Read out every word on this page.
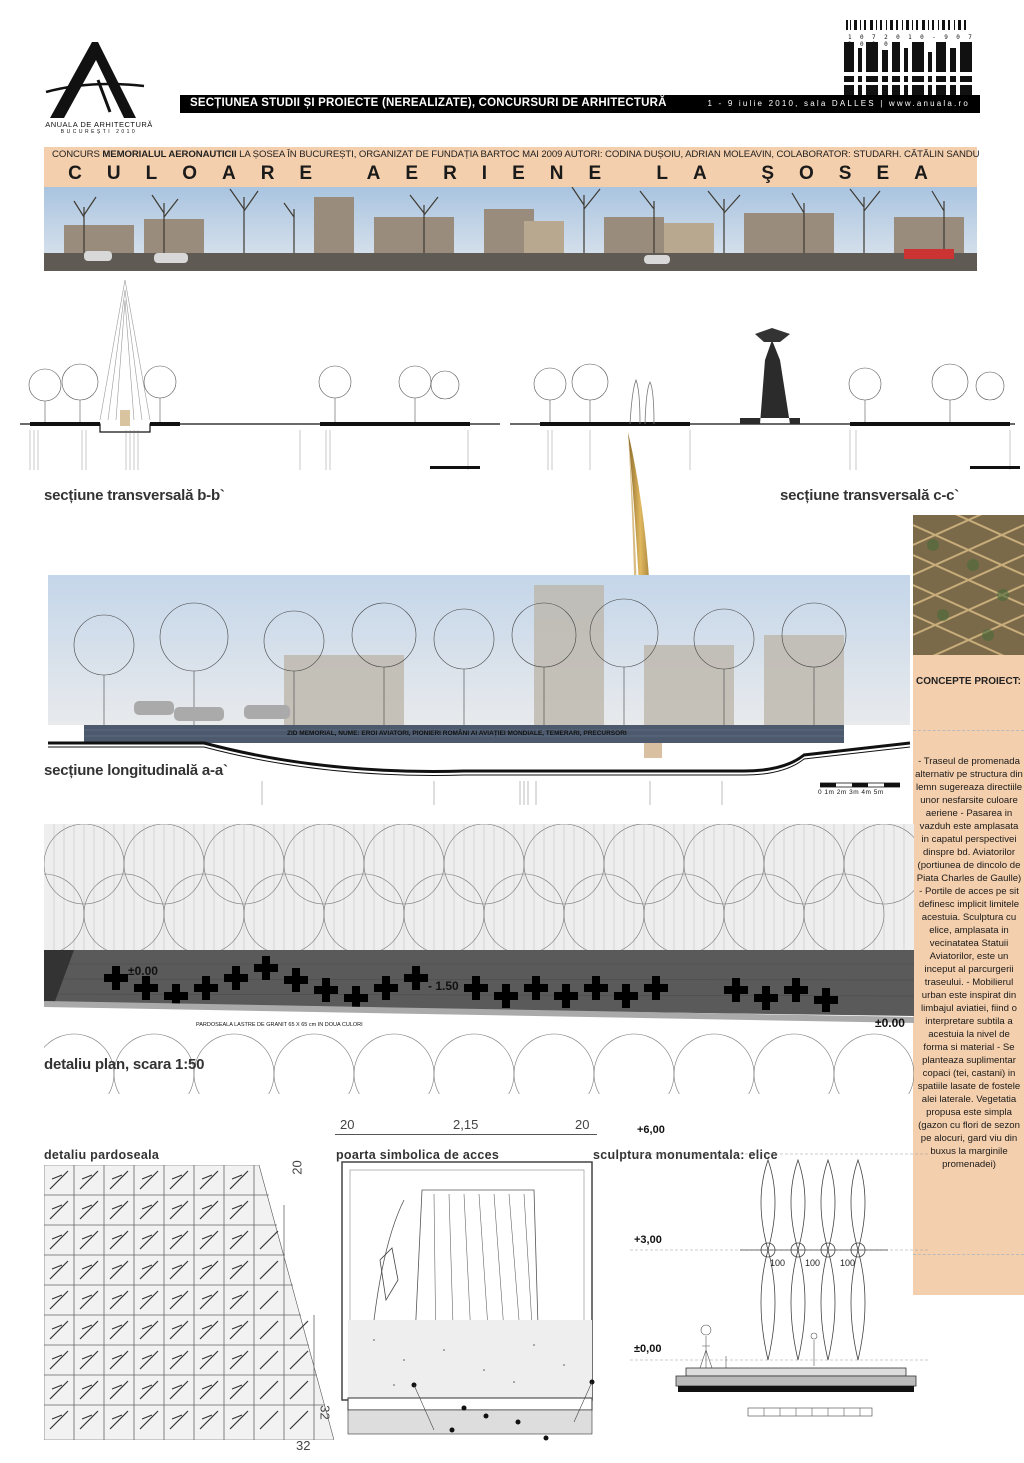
ANUALA DE ARHITECTURĂ
BUCUREȘTI 2010
1 0 7 2 0 1 0 - 9 0 7 2 0 1 0
SECȚIUNEA STUDII ȘI PROIECTE (NEREALIZATE), CONCURSURI DE ARHITECTURĂ	1 - 9 iulie 2010, sala DALLES | www.anuala.ro
CONCURS MEMORIALUL AERONAUTICII LA ȘOSEA ÎN BUCUREȘTI, ORGANIZAT DE FUNDAȚIA BARTOC MAI 2009 AUTORI: CODINA DUȘOIU, ADRIAN MOLEAVIN, COLABORATOR: STUDARH. CĂTĂLIN SANDU
CULOARE AERIENE LA ŞOSEA
secțiune transversală b-b`	secțiune transversală c-c`
CONCEPTE PROIECT:
- Traseul de promenada alternativ pe structura din lemn sugereaza directiile unor nesfarsite culoare aeriene - Pasarea in vazduh este amplasata in capatul perspectivei dinspre bd. Aviatorilor (portiunea de dincolo de Piata Charles de Gaulle) - Portile de acces pe sit definesc implicit limitele acestuia. Sculptura cu elice, amplasata in vecinatatea Statuii Aviatorilor, este un inceput al parcurgerii traseului. - Mobilierul urban este inspirat din limbajul aviatiei, fiind o interpretare subtila a acestuia la nivel de forma si material - Se planteaza suplimentar copaci (tei, castani) in spatiile lasate de fostele alei laterale. Vegetatia propusa este simpla (gazon cu flori de sezon pe alocuri, gard viu din buxus la marginile promenadei)
ZID MEMORIAL, NUME: EROI AVIATORI, PIONIERI ROMÂNI AI AVIAȚIEI MONDIALE, TEMERARI, PRECURSORI
secțiune longitudinală a-a`
0 1m 2m 3m 4m 5m
±0.00
- 1.50
±0.00
PARDOSEALA LASTRE DE GRANIT 65 X 65 cm IN DOUA CULORI
detaliu plan, scara 1:50
20	2,15	20	+6,00
detaliu pardoseala	poarta simbolica de acces	sculptura monumentala: elice
20
32
32
+3,00
±0,00
100 100 100
